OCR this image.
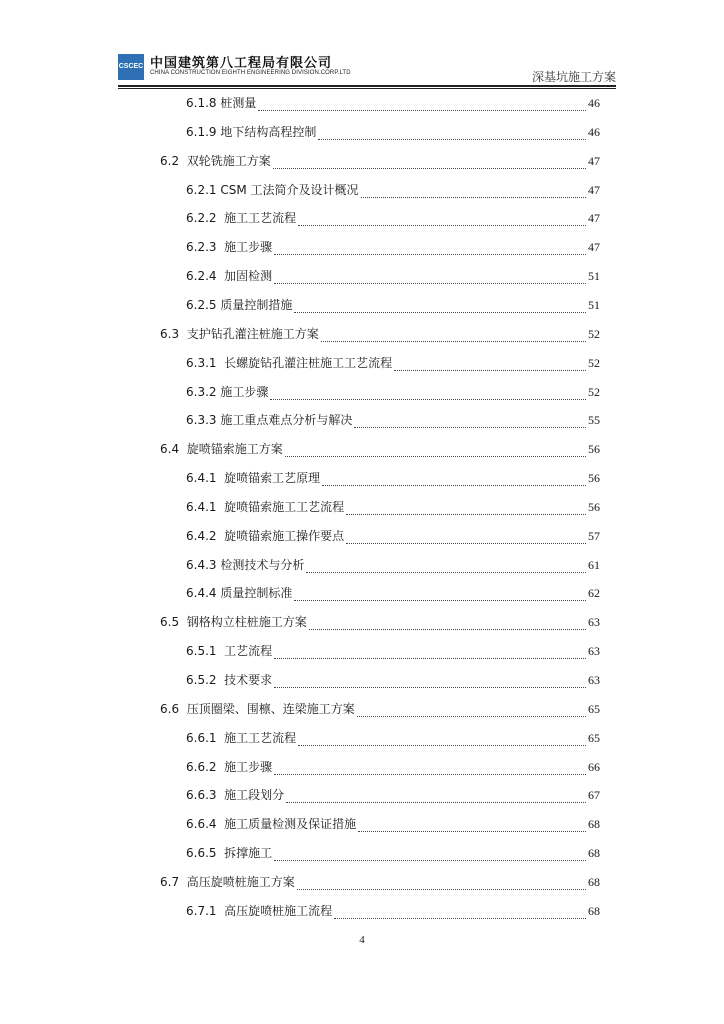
CSCEC 中国建筑第八工程局有限公司
CHINA CONSTRUCTION EIGHTH ENGINEERING DIVISION.CORP.LTD	深基坑施工方案
6.1.8 桩测量	46
6.1.9 地下结构高程控制	46
6.2 双轮铣施工方案	47
6.2.1 CSM 工法简介及设计概况	47
6.2.2 施工工艺流程	47
6.2.3 施工步骤	47
6.2.4 加固检测	51
6.2.5 质量控制措施	51
6.3 支护钻孔灌注桩施工方案	52
6.3.1 长螺旋钻孔灌注桩施工工艺流程	52
6.3.2 施工步骤	52
6.3.3 施工重点难点分析与解决	55
6.4 旋喷锚索施工方案	56
6.4.1 旋喷锚索工艺原理	56
6.4.1 旋喷锚索施工工艺流程	56
6.4.2 旋喷锚索施工操作要点	57
6.4.3 检测技术与分析	61
6.4.4 质量控制标准	62
6.5 钢格构立柱桩施工方案	63
6.5.1 工艺流程	63
6.5.2 技术要求	63
6.6 压顶圈梁、围檩、连梁施工方案	65
6.6.1 施工工艺流程	65
6.6.2 施工步骤	66
6.6.3 施工段划分	67
6.6.4 施工质量检测及保证措施	68
6.6.5 拆撑施工	68
6.7 高压旋喷桩施工方案	68
6.7.1 高压旋喷桩施工流程	68
4
